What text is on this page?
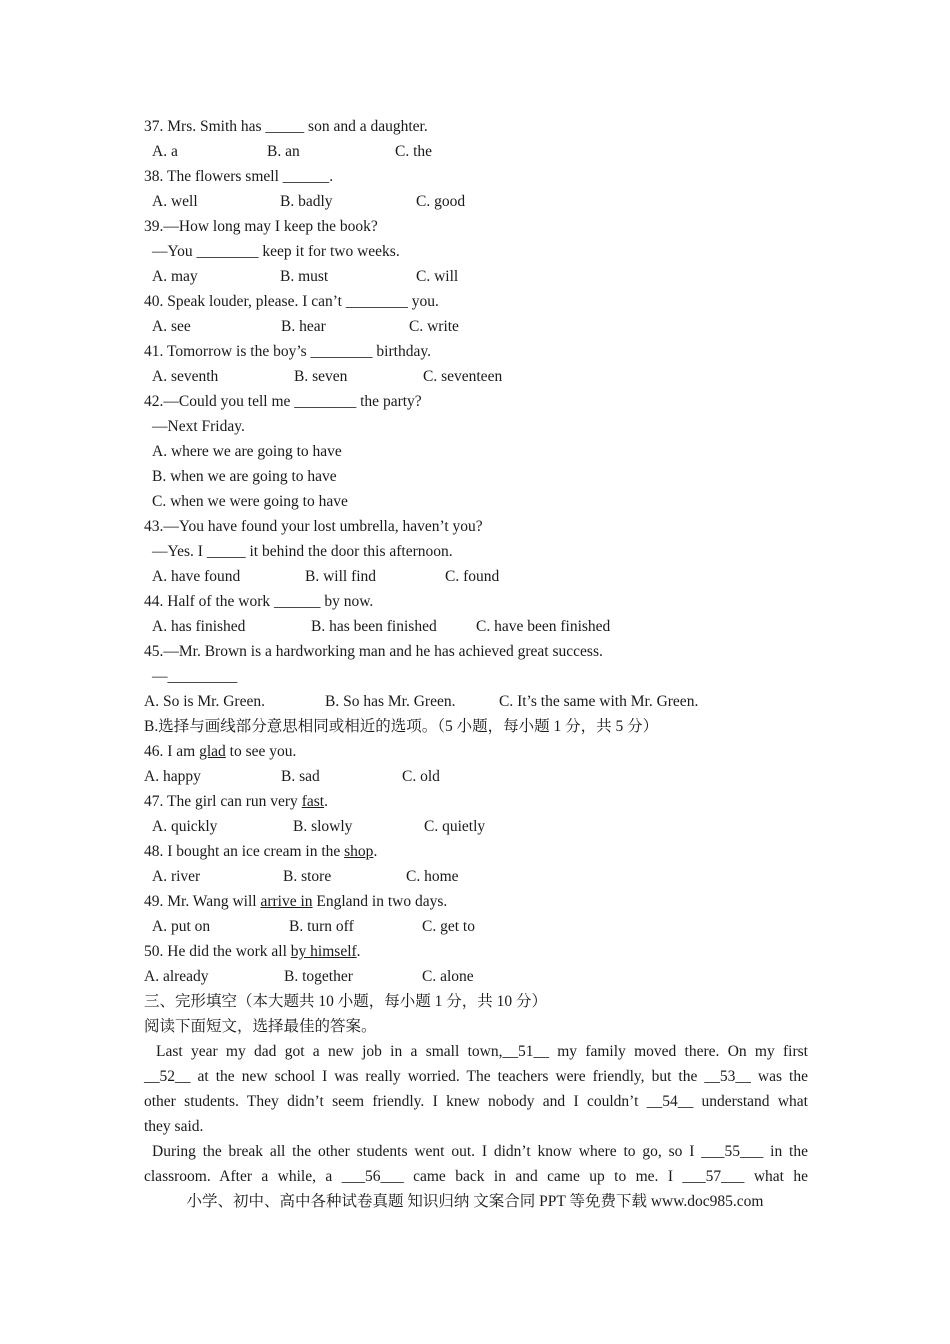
37. Mrs. Smith has _____ son and a daughter.
A. a	B. an	C. the
38. The flowers smell ______.
A. well	B. badly	C. good
39.—How long may I keep the book?
—You ________ keep it for two weeks.
A. may	B. must	C. will
40. Speak louder, please. I can’t ________ you.
A. see	B. hear	C. write
41. Tomorrow is the boy’s ________ birthday.
A. seventh	B. seven	C. seventeen
42.—Could you tell me ________ the party?
—Next Friday.
A. where we are going to have
B. when we are going to have
C. when we were going to have
43.—You have found your lost umbrella, haven’t you?
—Yes. I _____ it behind the door this afternoon.
A. have found	B. will find	C. found
44. Half of the work ______ by now.
A. has finished	B. has been finished	C. have been finished
45.—Mr. Brown is a hardworking man and he has achieved great success.
—_________
A. So is Mr. Green.	B. So has Mr. Green.	C. It’s the same with Mr. Green.
B.选择与画线部分意思相同或相近的选项。（5 小题，每小题 1 分，共 5 分）
46. I am glad to see you.
A. happy	B. sad	C. old
47. The girl can run very fast.
A. quickly	B. slowly	C. quietly
48. I bought an ice cream in the shop.
A. river	B. store	C. home
49. Mr. Wang will arrive in England in two days.
A. put on	B. turn off	C. get to
50. He did the work all by himself.
A. already	B. together	C. alone
三、完形填空（本大题共 10 小题，每小题 1 分，共 10 分）
阅读下面短文，选择最佳的答案。
Last year my dad got a new job in a small town,__51__ my family moved there. On my first
__52__ at the new school I was really worried. The teachers were friendly, but the __53__ was the
other students. They didn’t seem friendly. I knew nobody and I couldn’t __54__ understand what
they said.
During the break all the other students went out. I didn’t know where to go, so I ___55___ in the
classroom. After a while, a ___56___ came back in and came up to me. I ___57___ what he
小学、初中、高中各种试卷真题 知识归纳 文案合同 PPT 等免费下载 www.doc985.com
